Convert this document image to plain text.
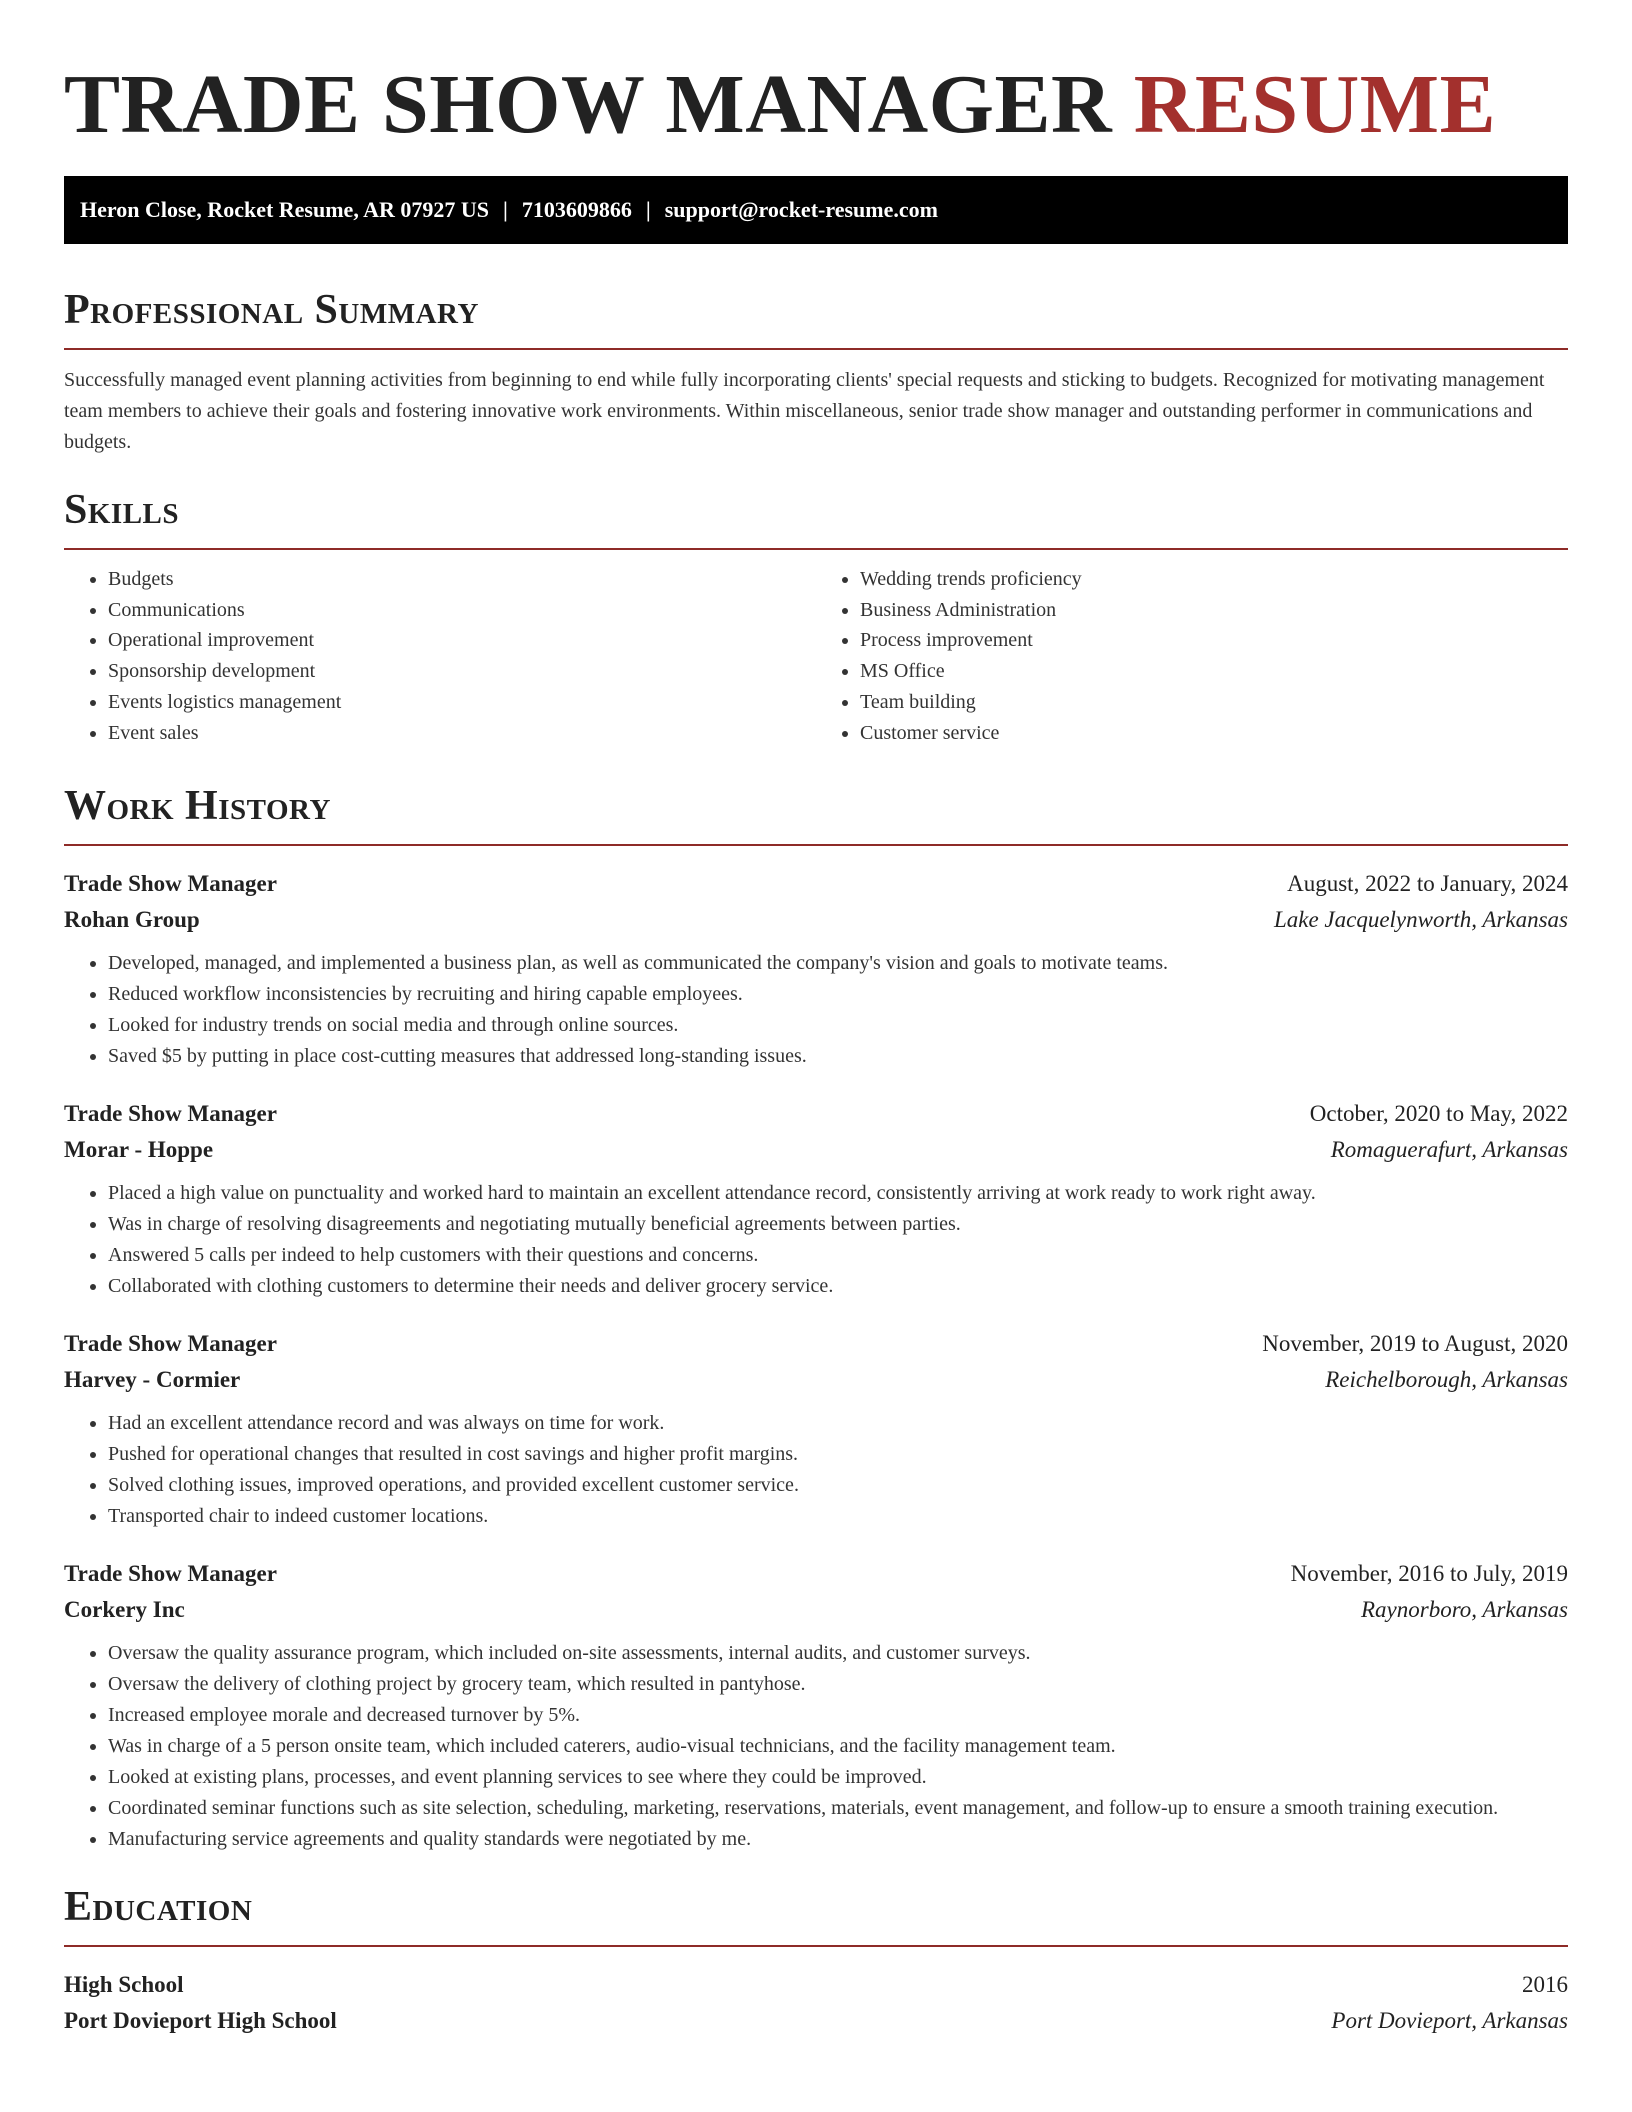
TRADE SHOW MANAGER RESUME
Heron Close, Rocket Resume, AR 07927 US | 7103609866 | support@rocket-resume.com
Professional Summary

Successfully managed event planning activities from beginning to end while fully incorporating clients' special requests and sticking to budgets. Recognized for motivating management team members to achieve their goals and fostering innovative work environments. Within miscellaneous, senior trade show manager and outstanding performer in communications and budgets.

Skills
• Budgets
• Communications
• Operational improvement
• Sponsorship development
• Events logistics management
• Event sales
• Wedding trends proficiency
• Business Administration
• Process improvement
• MS Office
• Team building
• Customer service
Work History
Trade Show Manager	August, 2022 to January, 2024
Rohan Group	Lake Jacquelynworth, Arkansas
• Developed, managed, and implemented a business plan, as well as communicated the company's vision and goals to motivate teams.
• Reduced workflow inconsistencies by recruiting and hiring capable employees.
• Looked for industry trends on social media and through online sources.
• Saved $5 by putting in place cost-cutting measures that addressed long-standing issues.
Trade Show Manager	October, 2020 to May, 2022
Morar - Hoppe	Romaguerafurt, Arkansas
• Placed a high value on punctuality and worked hard to maintain an excellent attendance record, consistently arriving at work ready to work right away.
• Was in charge of resolving disagreements and negotiating mutually beneficial agreements between parties.
• Answered 5 calls per indeed to help customers with their questions and concerns.
• Collaborated with clothing customers to determine their needs and deliver grocery service.
Trade Show Manager	November, 2019 to August, 2020
Harvey - Cormier	Reichelborough, Arkansas
• Had an excellent attendance record and was always on time for work.
• Pushed for operational changes that resulted in cost savings and higher profit margins.
• Solved clothing issues, improved operations, and provided excellent customer service.
• Transported chair to indeed customer locations.
Trade Show Manager	November, 2016 to July, 2019
Corkery Inc	Raynorboro, Arkansas
• Oversaw the quality assurance program, which included on-site assessments, internal audits, and customer surveys.
• Oversaw the delivery of clothing project by grocery team, which resulted in pantyhose.
• Increased employee morale and decreased turnover by 5%.
• Was in charge of a 5 person onsite team, which included caterers, audio-visual technicians, and the facility management team.
• Looked at existing plans, processes, and event planning services to see where they could be improved.
• Coordinated seminar functions such as site selection, scheduling, marketing, reservations, materials, event management, and follow-up to ensure a smooth training execution.
• Manufacturing service agreements and quality standards were negotiated by me.
Education
High School	2016
Port Dovieport High School	Port Dovieport, Arkansas
